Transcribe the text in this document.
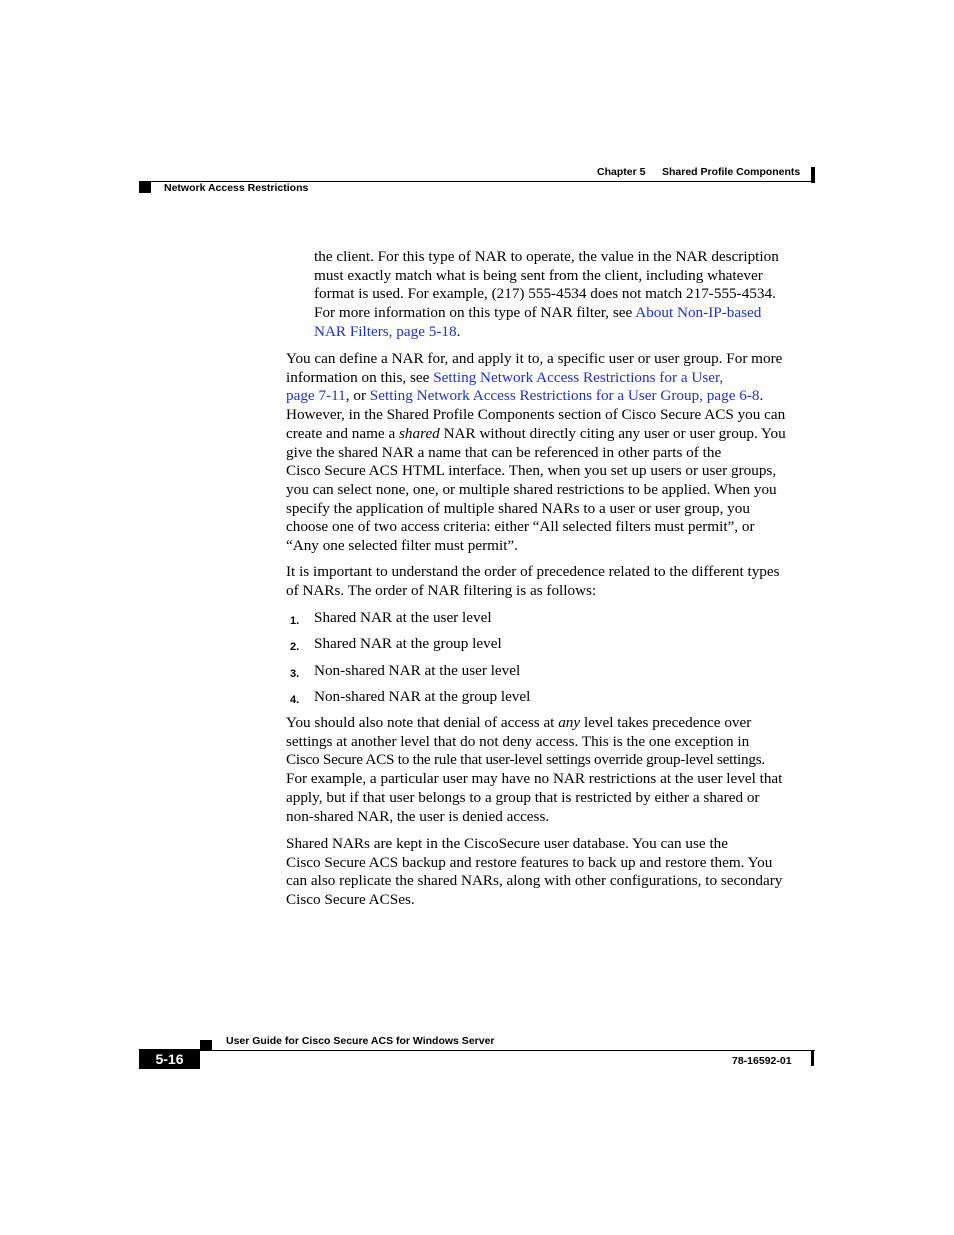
Chapter 5 Shared Profile Components
Network Access Restrictions
the client. For this type of NAR to operate, the value in the NAR description
must exactly match what is being sent from the client, including whatever
format is used. For example, (217) 555-4534 does not match 217-555-4534.
For more information on this type of NAR filter, see About Non-IP-based
NAR Filters, page 5-18.
You can define a NAR for, and apply it to, a specific user or user group. For more
information on this, see Setting Network Access Restrictions for a User,
page 7-11, or Setting Network Access Restrictions for a User Group, page 6-8.
However, in the Shared Profile Components section of Cisco Secure ACS you can
create and name a shared NAR without directly citing any user or user group. You
give the shared NAR a name that can be referenced in other parts of the
Cisco Secure ACS HTML interface. Then, when you set up users or user groups,
you can select none, one, or multiple shared restrictions to be applied. When you
specify the application of multiple shared NARs to a user or user group, you
choose one of two access criteria: either “All selected filters must permit”, or
“Any one selected filter must permit”.
It is important to understand the order of precedence related to the different types
of NARs. The order of NAR filtering is as follows:
1. Shared NAR at the user level
2. Shared NAR at the group level
3. Non-shared NAR at the user level
4. Non-shared NAR at the group level
You should also note that denial of access at any level takes precedence over
settings at another level that do not deny access. This is the one exception in
Cisco Secure ACS to the rule that user-level settings override group-level settings.
For example, a particular user may have no NAR restrictions at the user level that
apply, but if that user belongs to a group that is restricted by either a shared or
non-shared NAR, the user is denied access.
Shared NARs are kept in the CiscoSecure user database. You can use the
Cisco Secure ACS backup and restore features to back up and restore them. You
can also replicate the shared NARs, along with other configurations, to secondary
Cisco Secure ACSes.
User Guide for Cisco Secure ACS for Windows Server
5-16	78-16592-01
